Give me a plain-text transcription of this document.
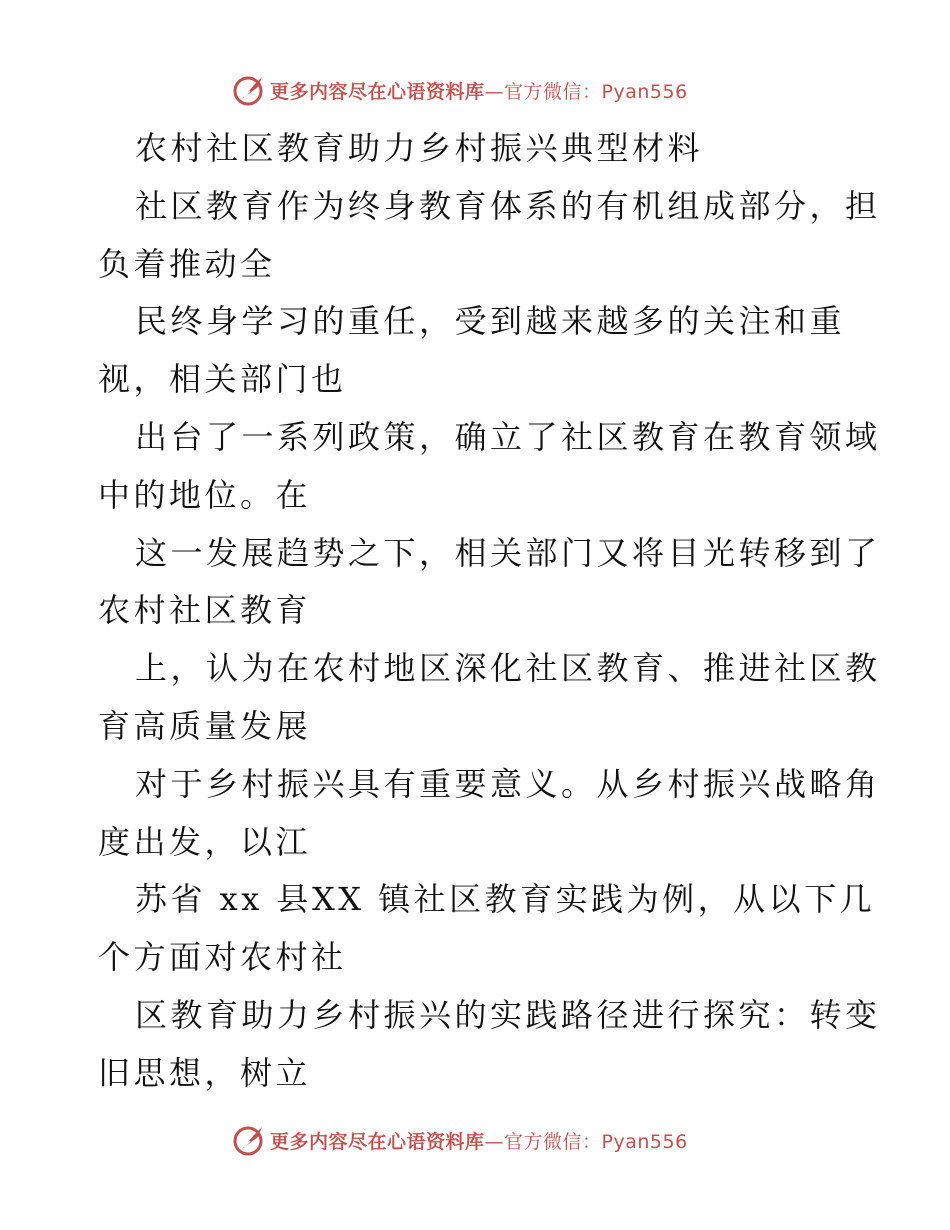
更多内容尽在心语资料库 —官方微信：Pyan556
农村社区教育助力乡村振兴典型材料
社区教育作为终身教育体系的有机组成部分，担
负着推动全
民终身学习的重任，受到越来越多的关注和重
视，相关部门也
出台了一系列政策，确立了社区教育在教育领域
中的地位。在
这一发展趋势之下，相关部门又将目光转移到了
农村社区教育
上，认为在农村地区深化社区教育、推进社区教
育高质量发展
对于乡村振兴具有重要意义。从乡村振兴战略角
度出发，以江
苏省 xx 县XX 镇社区教育实践为例，从以下几
个方面对农村社
区教育助力乡村振兴的实践路径进行探究：转变
旧思想，树立
更多内容尽在心语资料库 —官方微信：Pyan556
